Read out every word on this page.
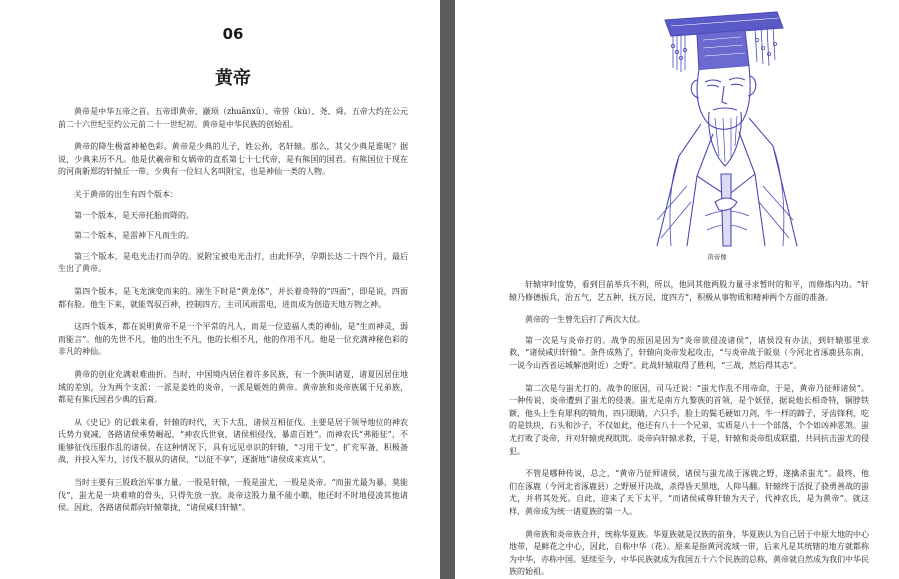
06
黄帝

黄帝是中华五帝之首。五帝即黄帝、颛顼（zhuānxū）、帝喾（kù）、尧、舜。五帝大约在公元前二十六世纪至约公元前二十一世纪初。黄帝是中华民族的创始祖。

黄帝的降生极富神秘色彩。黄帝是少典的儿子，姓公孙，名轩辕。那么，其父少典是谁呢？据说，少典来历不凡。他是伏羲帝和女娲帝的直系第七十七代帝，是有熊国的国君。有熊国位于现在的河南新郑的轩辕丘一带。少典有一位妇人名叫附宝，也是神仙一类的人物。

关于黄帝的出生有四个版本：

第一个版本，是天帝托胎而降的。

第二个版本，是雷神下凡而生的。

第三个版本，是电光击打而孕的。说附宝被电光击打，由此怀孕，孕期长达二十四个月，最后生出了黄帝。

第四个版本，是飞龙演变而来的。刚生下时是“黄龙体”，并长着奇特的“四面”，即是说，四面都有脸。他生下来，就能驾驭百神，控制四方，主司风雨雷电，进而成为创造天地万物之神。

这四个版本，都在说明黄帝不是一个平常的凡人，而是一位造福人类的神仙，是“生而神灵，弱而能言”。他的先世不凡，他的出生不凡，他的长相不凡，他的作用不凡。他是一位充满神秘色彩的非凡的神仙。

黄帝的创业充满艰难曲折。当时，中国境内居住着许多民族，有一个族叫诸夏，诸夏因居住地域的差别，分为两个支派：一派是姜姓的炎帝，一派是姬姓的黄帝。黄帝族和炎帝族属于兄弟族，都是有熊氏国君少典的后裔。

从《史记》的记载来看，轩辕的时代，天下大乱，诸侯互相征伐。主要是居于领导地位的神农氏势力衰减，各路诸侯乘势崛起，“神农氏世衰，诸侯相侵伐，暴虐百姓”。而神农氏“弗能征”，不能够征伐压服作乱的诸侯。在这种情况下，具有远见卓识的轩辕，“习用干戈”，扩充军备，积极备战，并投入军力，讨伐不服从的诸侯，“以征不享”，逐渐地“诸侯成来宾从”。

当时主要有三股政治军事力量。一股是轩辕，一股是蚩尤，一股是炎帝。“而蚩尤最为暴，莫能伐”，蚩尤是一块难啃的骨头，只得先放一放。炎帝这股力量不能小瞧，他还时不时地侵凌其他诸侯。因此，各路诸侯都向轩辕靠拢，“诸侯咸归轩辕”。

黄帝像

轩辕审时度势，看到目前举兵不利，所以，他同其他两股力量寻求暂时的和平，而修炼内功。“轩辕乃修德振兵，治五气，艺五种，抚万民，度四方”，积极从事物质和精神两个方面的准备。

黄帝的一生曾先后打了两次大仗。

第一次是与炎帝打的。战争的原因是因为“炎帝欲侵凌诸侯”，诸侯没有办法，到轩辕那里求救，“诸侯咸归轩辕”。条件成熟了，轩辕向炎帝发起攻击，“与炎帝战于阪泉（今河北省涿鹿县东南，一说今山西省运城解池附近）之野”。此战轩辕取得了胜利，“三战，然后得其志”。

第二次是与蚩尤打的。战争的原因，司马迁说：“蚩尤作乱不用帝命，于是，黄帝乃征师诸侯”。一种传说，炎帝遭到了蚩尤的侵袭。蚩尤是南方九黎族的首领，是个妖怪，据说他长相奇特，铜脖铁额，他头上生有犀利的犄角，四只眼睛，六只手，脸上的鬓毛硬如刀剑，牛一样的蹄子，牙齿锋利，吃的是铁块、石头和沙子，不仅如此，他还有八十一个兄弟，实质是八十一个部落，个个如凶神恶煞。蚩尤打败了炎帝，并对轩辕虎视眈眈。炎帝向轩辕求救，于是，轩辕和炎帝组成联盟，共同抗击蚩尤的侵犯。

不管是哪种传说，总之，“黄帝乃征师诸侯，诸侯与蚩尤战于涿鹿之野，遂擒杀蚩尤”。最终，他们在涿鹿（今河北省涿鹿县）之野展开决战，杀得昏天黑地，人仰马翻。轩辕终于活捉了骁勇善战的蚩尤，并将其处死。自此，迎来了天下太平，“而诸侯咸尊轩辕为天子，代神农氏，是为黄帝”。就这样，黄帝成为统一诸夏族的第一人。

黄帝族和炎帝族合并，统称华夏族。华夏族就是汉族的前身，华夏族认为自己居于中原大地的中心地带，是鲜花之中心，因此，自称中华（花）。原来是指黄河流域一带，后来凡是其统辖的地方就都称为中华，亦称中国。延续至今，中华民族就成为我国五十六个民族的总称，黄帝就自然成为我们中华民族的始祖。
